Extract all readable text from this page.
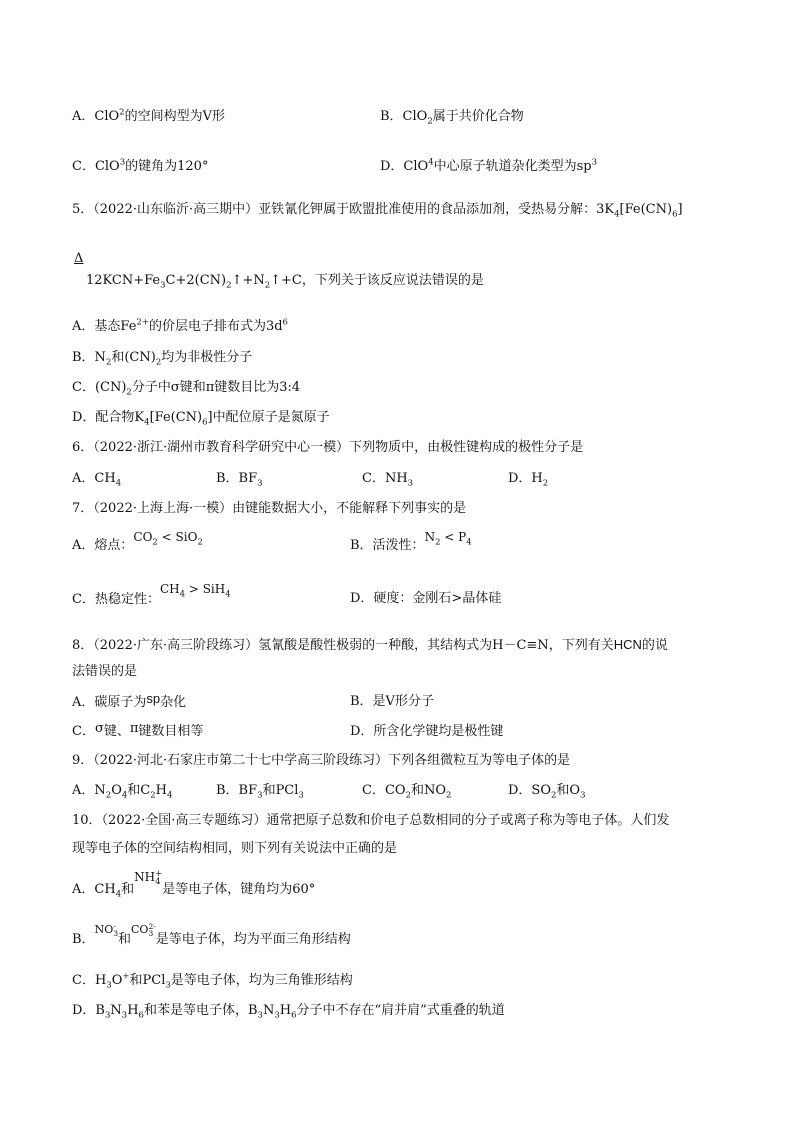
A．ClO$^2$的空间构型为V形	B．ClO$_2$属于共价化合物
C．ClO$^3$的键角为120°	D．ClO$^4$中心原子轨道杂化类型为$sp^3$
5．（2022·山东临沂·高三期中）亚铁氰化钾属于欧盟批准使用的食品添加剂，受热易分解：$3K_4[Fe(CN)_6]$
Δ
$12KCN+Fe_3C+2(CN)_2↑+N_2↑+C$，下列关于该反应说法错误的是
A．基态$Fe^{2+}$的价层电子排布式为$3d^6$
B．$N_2$和$(CN)_2$均为非极性分子
C．$(CN)_2$分子中σ键和π键数目比为3:4
D．配合物$K_4[Fe(CN)_6]$中配位原子是氮原子
6．（2022·浙江·湖州市教育科学研究中心一模）下列物质中，由极性键构成的极性分子是
A．$CH_4$	B．$BF_3$	C．$NH_3$	D．$H_2$
7．（2022·上海上海·一模）由键能数据大小，不能解释下列事实的是
A．熔点：$CO_2 < SiO_2$	B．活泼性：$N_2 < P_4$
C．热稳定性：$CH_4 > SiH_4$	D．硬度：金刚石>晶体硅
8．（2022·广东·高三阶段练习）氢氰酸是酸性极弱的一种酸，其结构式为H－C≡N，下列有关HCN的说
法错误的是
A．碳原子为sp杂化	B．是V形分子
C．σ键、π键数目相等	D．所含化学键均是极性键
9．（2022·河北·石家庄市第二十七中学高三阶段练习）下列各组微粒互为等电子体的是
A．$N_2O_4$和$C_2H_4$	B．$BF_3$和PCl$_3$	C．$CO_2$和$NO_2$	D．$SO_2$和$O_3$
10．（2022·全国·高三专题练习）通常把原子总数和价电子总数相同的分子或离子称为等电子体。人们发
现等电子体的空间结构相同，则下列有关说法中正确的是
A．$CH_4$和NH +
4
是等电子体，键角均为60°
B．$^{NO - 3}$ 和$^{CO 2- 3}$ 是等电子体，均为平面三角形结构
C．$H_3O^+$和PCl$_3$是等电子体，均为三角锥形结构
D．$B_3N_3H_6$和苯是等电子体，$B_3N_3H_6$分子中不存在“肩并肩”式重叠的轨道
